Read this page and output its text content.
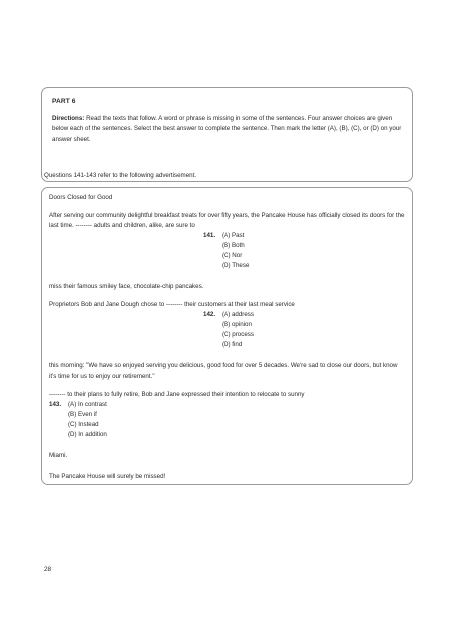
PART 6

Directions: Read the texts that follow. A word or phrase is missing in some of the sentences. Four answer choices are given below each of the sentences. Select the best answer to complete the sentence. Then mark the letter (A), (B), (C), or (D) on your answer sheet.

Questions 141-143 refer to the following advertisement.

Doors Closed for Good

After serving our community delightful breakfast treats for over fifty years, the Pancake House has officially closed its doors for the last time. -------- adults and children, alike, are sure to

141. (A) Past
(B) Both
(C) Nor
(D) These

miss their famous smiley face, chocolate-chip pancakes.

Proprietors Bob and Jane Dough chose to -------- their customers at their last meal service

142. (A) address
(B) opinion
(C) process
(D) find

this morning: "We have so enjoyed serving you delicious, good food for over 5 decades. We're sad to close our doors, but know it's time for us to enjoy our retirement."

-------- to their plans to fully retire, Bob and Jane expressed their intention to relocate to sunny

143. (A) In contrast
(B) Even if
(C) Instead
(D) In addition

Miami.

The Pancake House will surely be missed!

28
